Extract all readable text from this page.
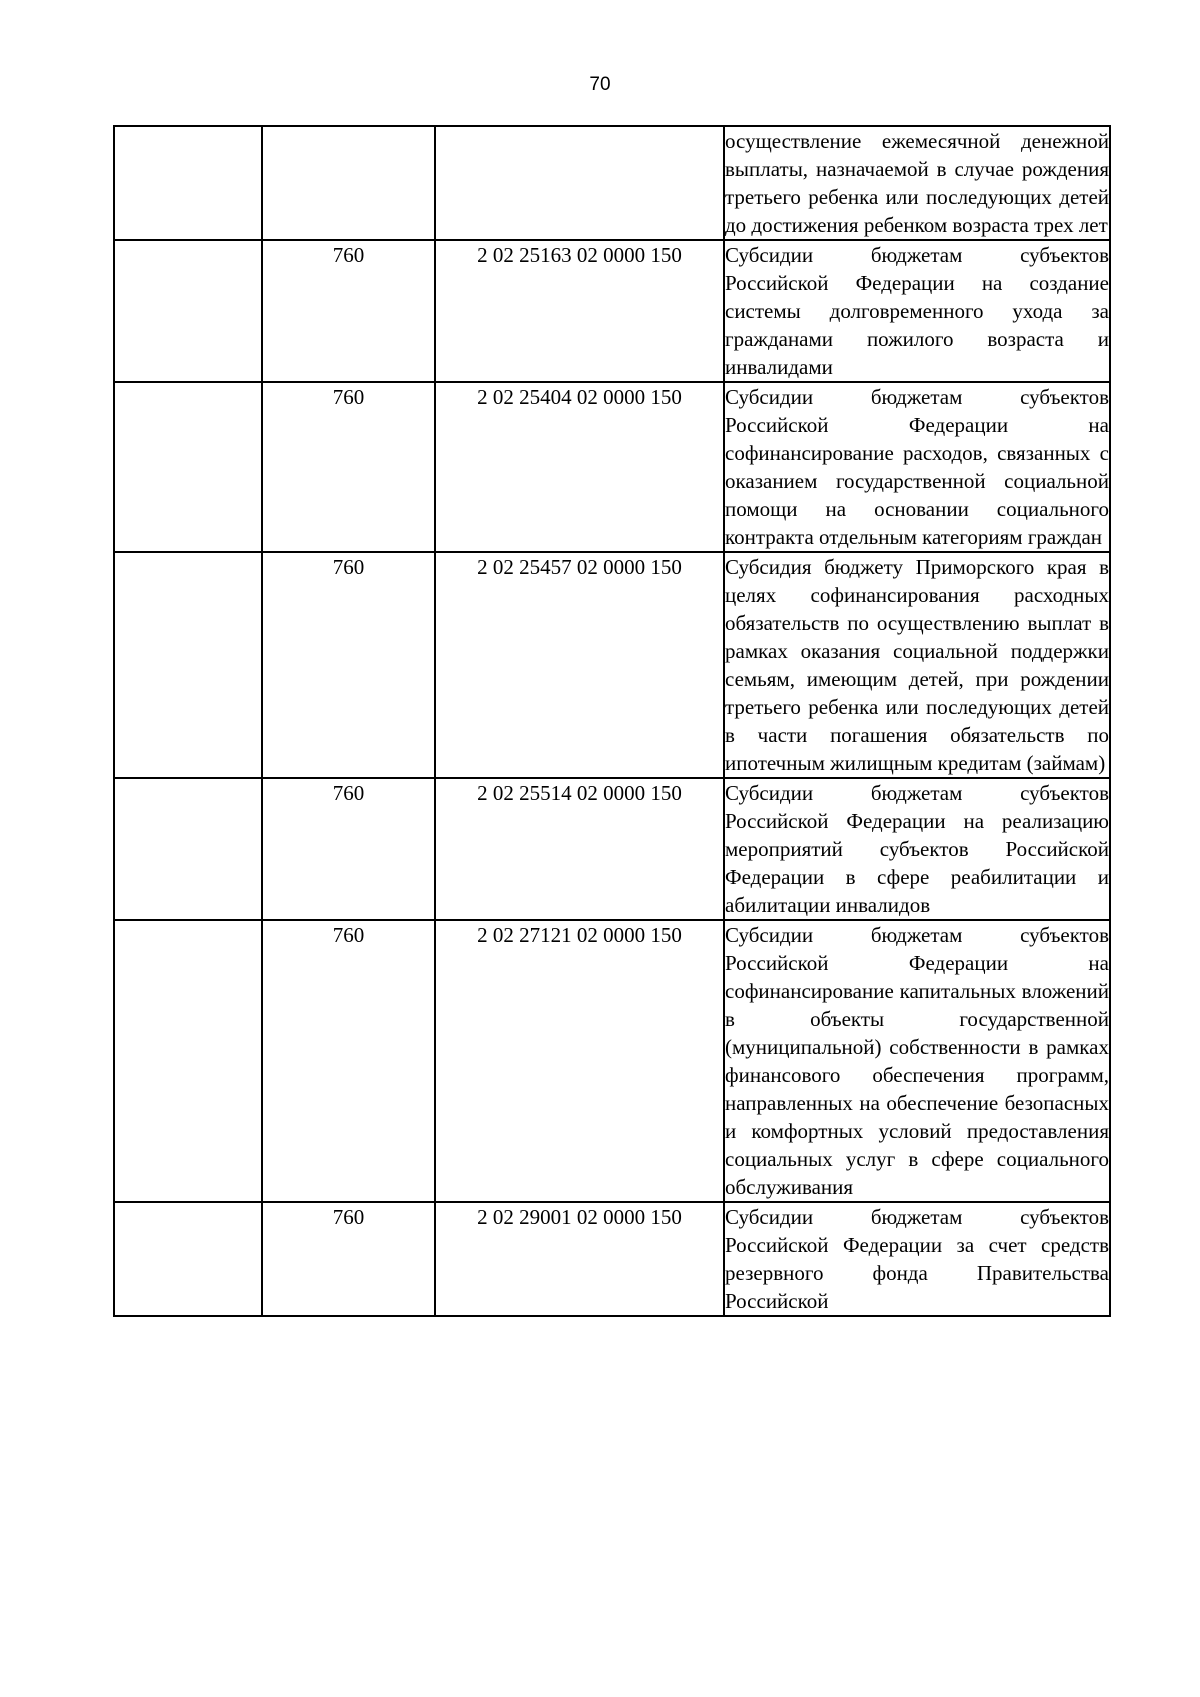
70

			осуществление ежемесячной денежной выплаты, назначаемой в случае рождения третьего ребенка или последующих детей до достижения ребенком возраста трех лет

	760	2 02 25163 02 0000 150	Субсидии бюджетам субъектов Российской Федерации на создание системы долговременного ухода за гражданами пожилого возраста и инвалидами

	760	2 02 25404 02 0000 150	Субсидии бюджетам субъектов Российской Федерации на софинансирование расходов, связанных с оказанием государственной социальной помощи на основании социального контракта отдельным категориям граждан

	760	2 02 25457 02 0000 150	Субсидия бюджету Приморского края в целях софинансирования расходных обязательств по осуществлению выплат в рамках оказания социальной поддержки семьям, имеющим детей, при рождении третьего ребенка или последующих детей в части погашения обязательств по ипотечным жилищным кредитам (займам)

	760	2 02 25514 02 0000 150	Субсидии бюджетам субъектов Российской Федерации на реализацию мероприятий субъектов Российской Федерации в сфере реабилитации и абилитации инвалидов

	760	2 02 27121 02 0000 150	Субсидии бюджетам субъектов Российской Федерации на софинансирование капитальных вложений в объекты государственной (муниципальной) собственности в рамках финансового обеспечения программ, направленных на обеспечение безопасных и комфортных условий предоставления социальных услуг в сфере социального обслуживания

	760	2 02 29001 02 0000 150	Субсидии бюджетам субъектов Российской Федерации за счет средств резервного фонда Правительства Российской
